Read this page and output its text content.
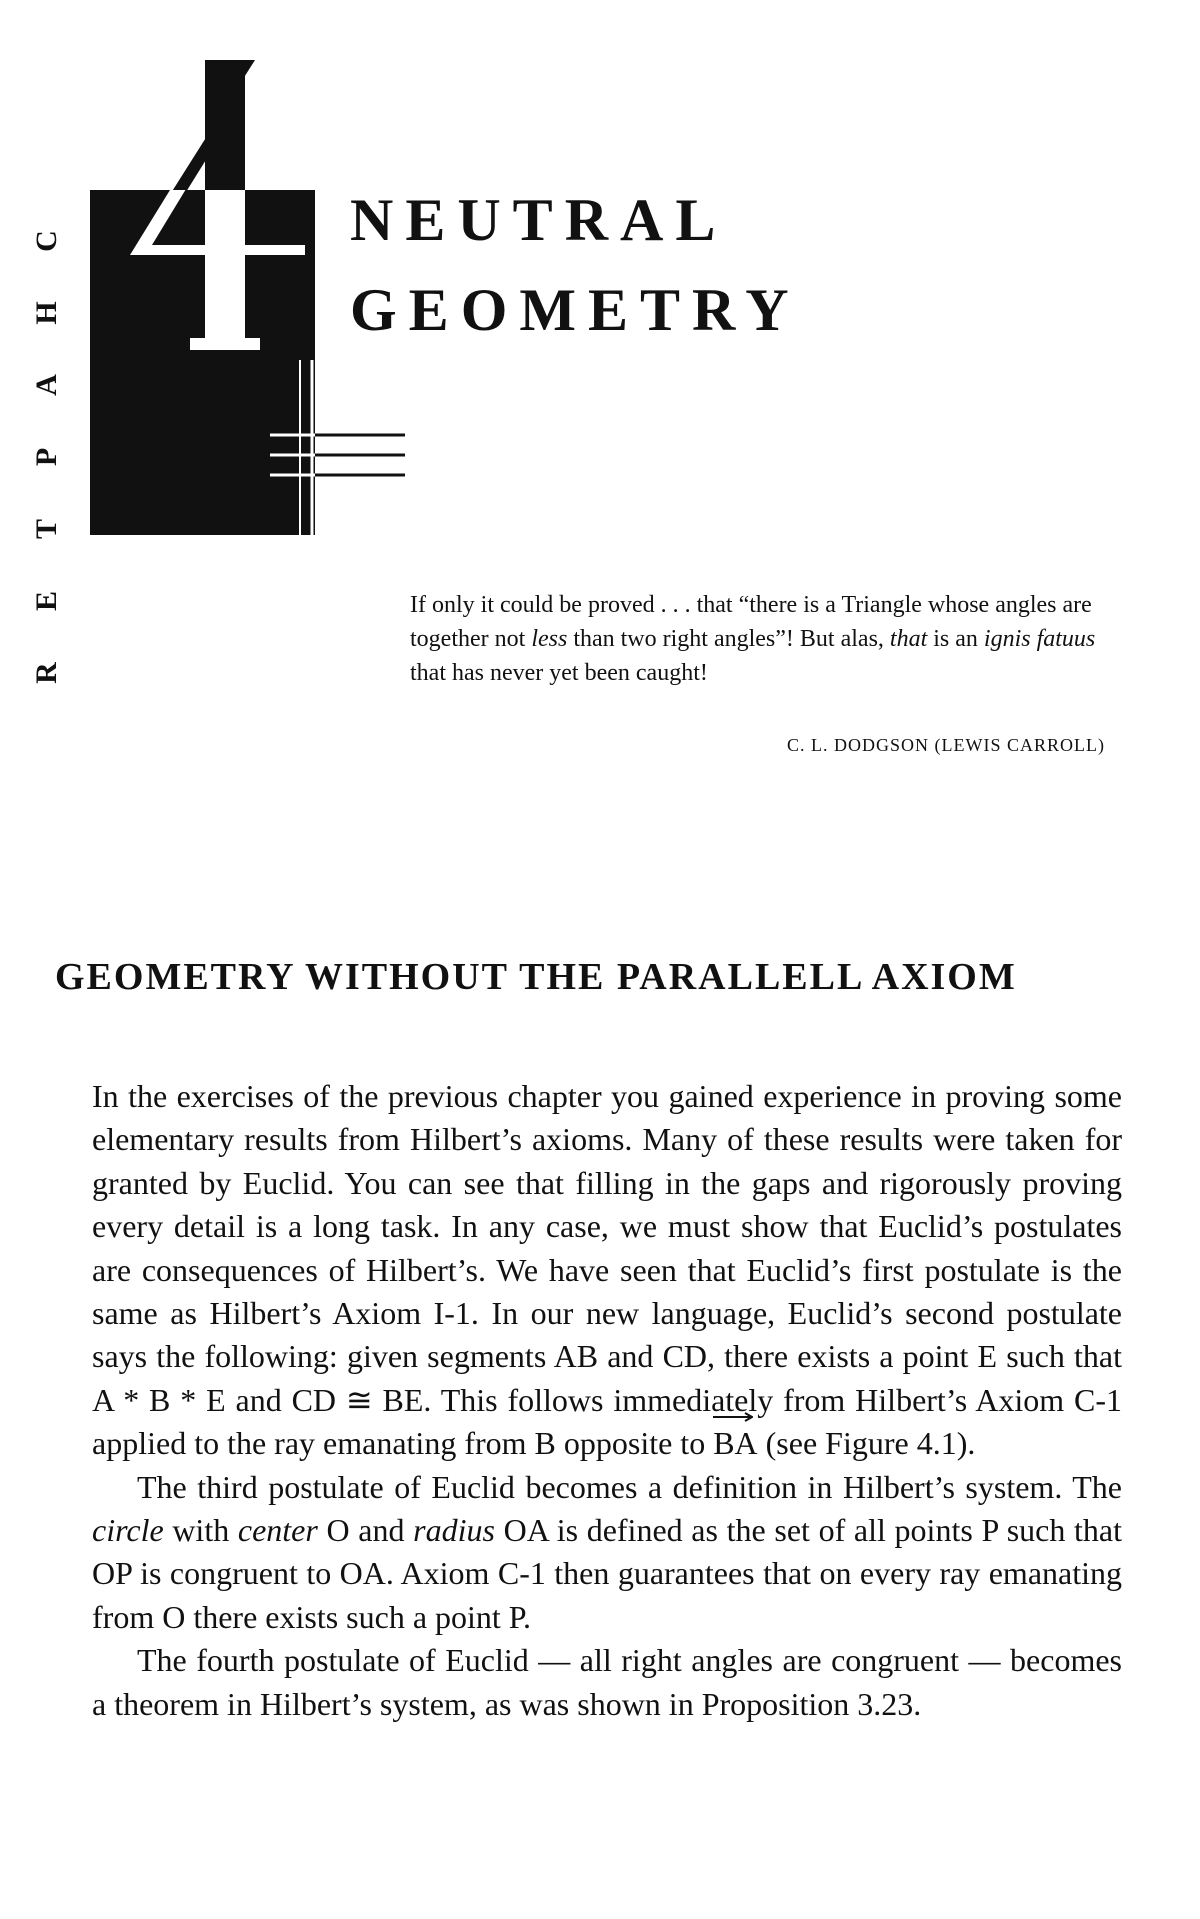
C
H
A
P
T
E
R
NEUTRAL
GEOMETRY

If only it could be proved . . . that “there is a Triangle whose angles are together not less than two right angles”! But alas, that is an ignis fatuus that has never yet been caught!

C. L. DODGSON (LEWIS CARROLL)
GEOMETRY WITHOUT THE PARALLELL AXIOM

In the exercises of the previous chapter you gained experience in proving some elementary results from Hilbert’s axioms. Many of these results were taken for granted by Euclid. You can see that filling in the gaps and rigorously proving every detail is a long task. In any case, we must show that Euclid’s postulates are consequences of Hilbert’s. We have seen that Euclid’s first postulate is the same as Hilbert’s Axiom I-1. In our new language, Euclid’s second postulate says the following: given segments AB and CD, there exists a point E such that A * B * E and CD ≅ BE. This follows immediately from Hilbert’s Axiom C-1 applied to the ray emanating from B opposite to
BA (see Figure 4.1).

The third postulate of Euclid becomes a definition in Hilbert’s system. The circle with center O and radius OA is defined as the set of all points P such that OP is congruent to OA. Axiom C-1 then guarantees that on every ray emanating from O there exists such a point P.

The fourth postulate of Euclid — all right angles are congruent — becomes a theorem in Hilbert’s system, as was shown in Proposition 3.23.
